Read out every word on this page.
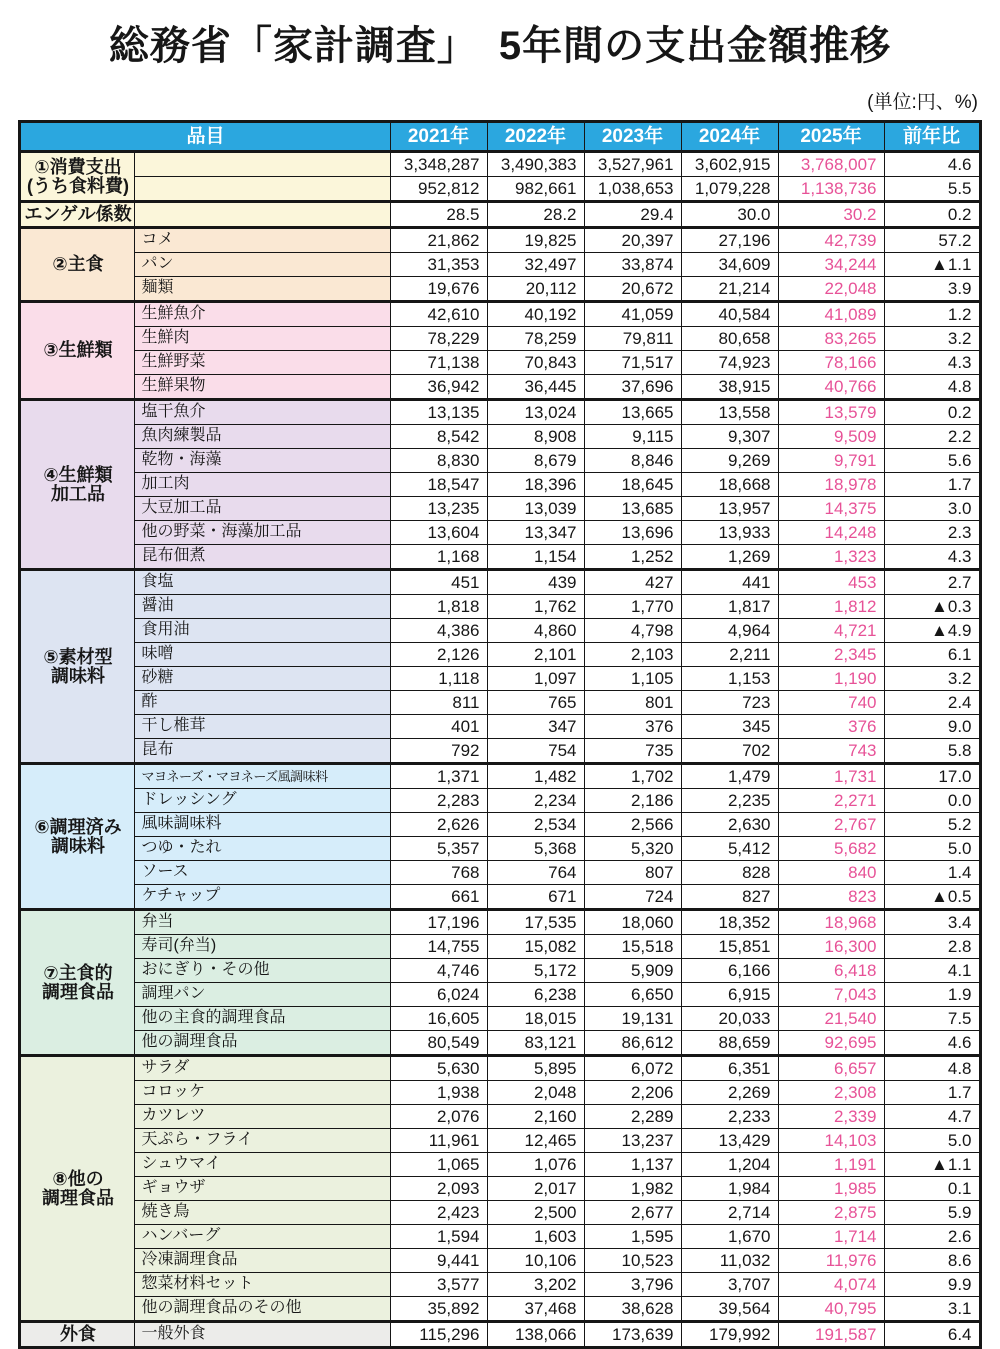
総務省「家計調査」　5年間の支出金額推移
(単位:円、%)
品目		2021年	2022年	2023年	2024年	2025年	前年比
①消費支出
(うち食料費)		3,348,287	3,490,383	3,527,961	3,602,915	3,768,007	4.6
		952,812	982,661	1,038,653	1,079,228	1,138,736	5.5
エンゲル係数		28.5	28.2	29.4	30.0	30.2	0.2
②主食	コメ	21,862	19,825	20,397	27,196	42,739	57.2
	パン	31,353	32,497	33,874	34,609	34,244	▲1.1
	麺類	19,676	20,112	20,672	21,214	22,048	3.9
③生鮮類	生鮮魚介	42,610	40,192	41,059	40,584	41,089	1.2
	生鮮肉	78,229	78,259	79,811	80,658	83,265	3.2
	生鮮野菜	71,138	70,843	71,517	74,923	78,166	4.3
	生鮮果物	36,942	36,445	37,696	38,915	40,766	4.8
④生鮮類
加工品	塩干魚介	13,135	13,024	13,665	13,558	13,579	0.2
	魚肉練製品	8,542	8,908	9,115	9,307	9,509	2.2
	乾物・海藻	8,830	8,679	8,846	9,269	9,791	5.6
	加工肉	18,547	18,396	18,645	18,668	18,978	1.7
	大豆加工品	13,235	13,039	13,685	13,957	14,375	3.0
	他の野菜・海藻加工品	13,604	13,347	13,696	13,933	14,248	2.3
	昆布佃煮	1,168	1,154	1,252	1,269	1,323	4.3
⑤素材型
調味料	食塩	451	439	427	441	453	2.7
	醤油	1,818	1,762	1,770	1,817	1,812	▲0.3
	食用油	4,386	4,860	4,798	4,964	4,721	▲4.9
	味噌	2,126	2,101	2,103	2,211	2,345	6.1
	砂糖	1,118	1,097	1,105	1,153	1,190	3.2
	酢	811	765	801	723	740	2.4
	干し椎茸	401	347	376	345	376	9.0
	昆布	792	754	735	702	743	5.8
⑥調理済み
調味料	マヨネーズ・マヨネーズ風調味料	1,371	1,482	1,702	1,479	1,731	17.0
	ドレッシング	2,283	2,234	2,186	2,235	2,271	0.0
	風味調味料	2,626	2,534	2,566	2,630	2,767	5.2
	つゆ・たれ	5,357	5,368	5,320	5,412	5,682	5.0
	ソース	768	764	807	828	840	1.4
	ケチャップ	661	671	724	827	823	▲0.5
⑦主食的
調理食品	弁当	17,196	17,535	18,060	18,352	18,968	3.4
	寿司(弁当)	14,755	15,082	15,518	15,851	16,300	2.8
	おにぎり・その他	4,746	5,172	5,909	6,166	6,418	4.1
	調理パン	6,024	6,238	6,650	6,915	7,043	1.9
	他の主食的調理食品	16,605	18,015	19,131	20,033	21,540	7.5
	他の調理食品	80,549	83,121	86,612	88,659	92,695	4.6
⑧他の
調理食品	サラダ	5,630	5,895	6,072	6,351	6,657	4.8
	コロッケ	1,938	2,048	2,206	2,269	2,308	1.7
	カツレツ	2,076	2,160	2,289	2,233	2,339	4.7
	天ぷら・フライ	11,961	12,465	13,237	13,429	14,103	5.0
	シュウマイ	1,065	1,076	1,137	1,204	1,191	▲1.1
	ギョウザ	2,093	2,017	1,982	1,984	1,985	0.1
	焼き鳥	2,423	2,500	2,677	2,714	2,875	5.9
	ハンバーグ	1,594	1,603	1,595	1,670	1,714	2.6
	冷凍調理食品	9,441	10,106	10,523	11,032	11,976	8.6
	惣菜材料セット	3,577	3,202	3,796	3,707	4,074	9.9
	他の調理食品のその他	35,892	37,468	38,628	39,564	40,795	3.1
外食	一般外食	115,296	138,066	173,639	179,992	191,587	6.4
